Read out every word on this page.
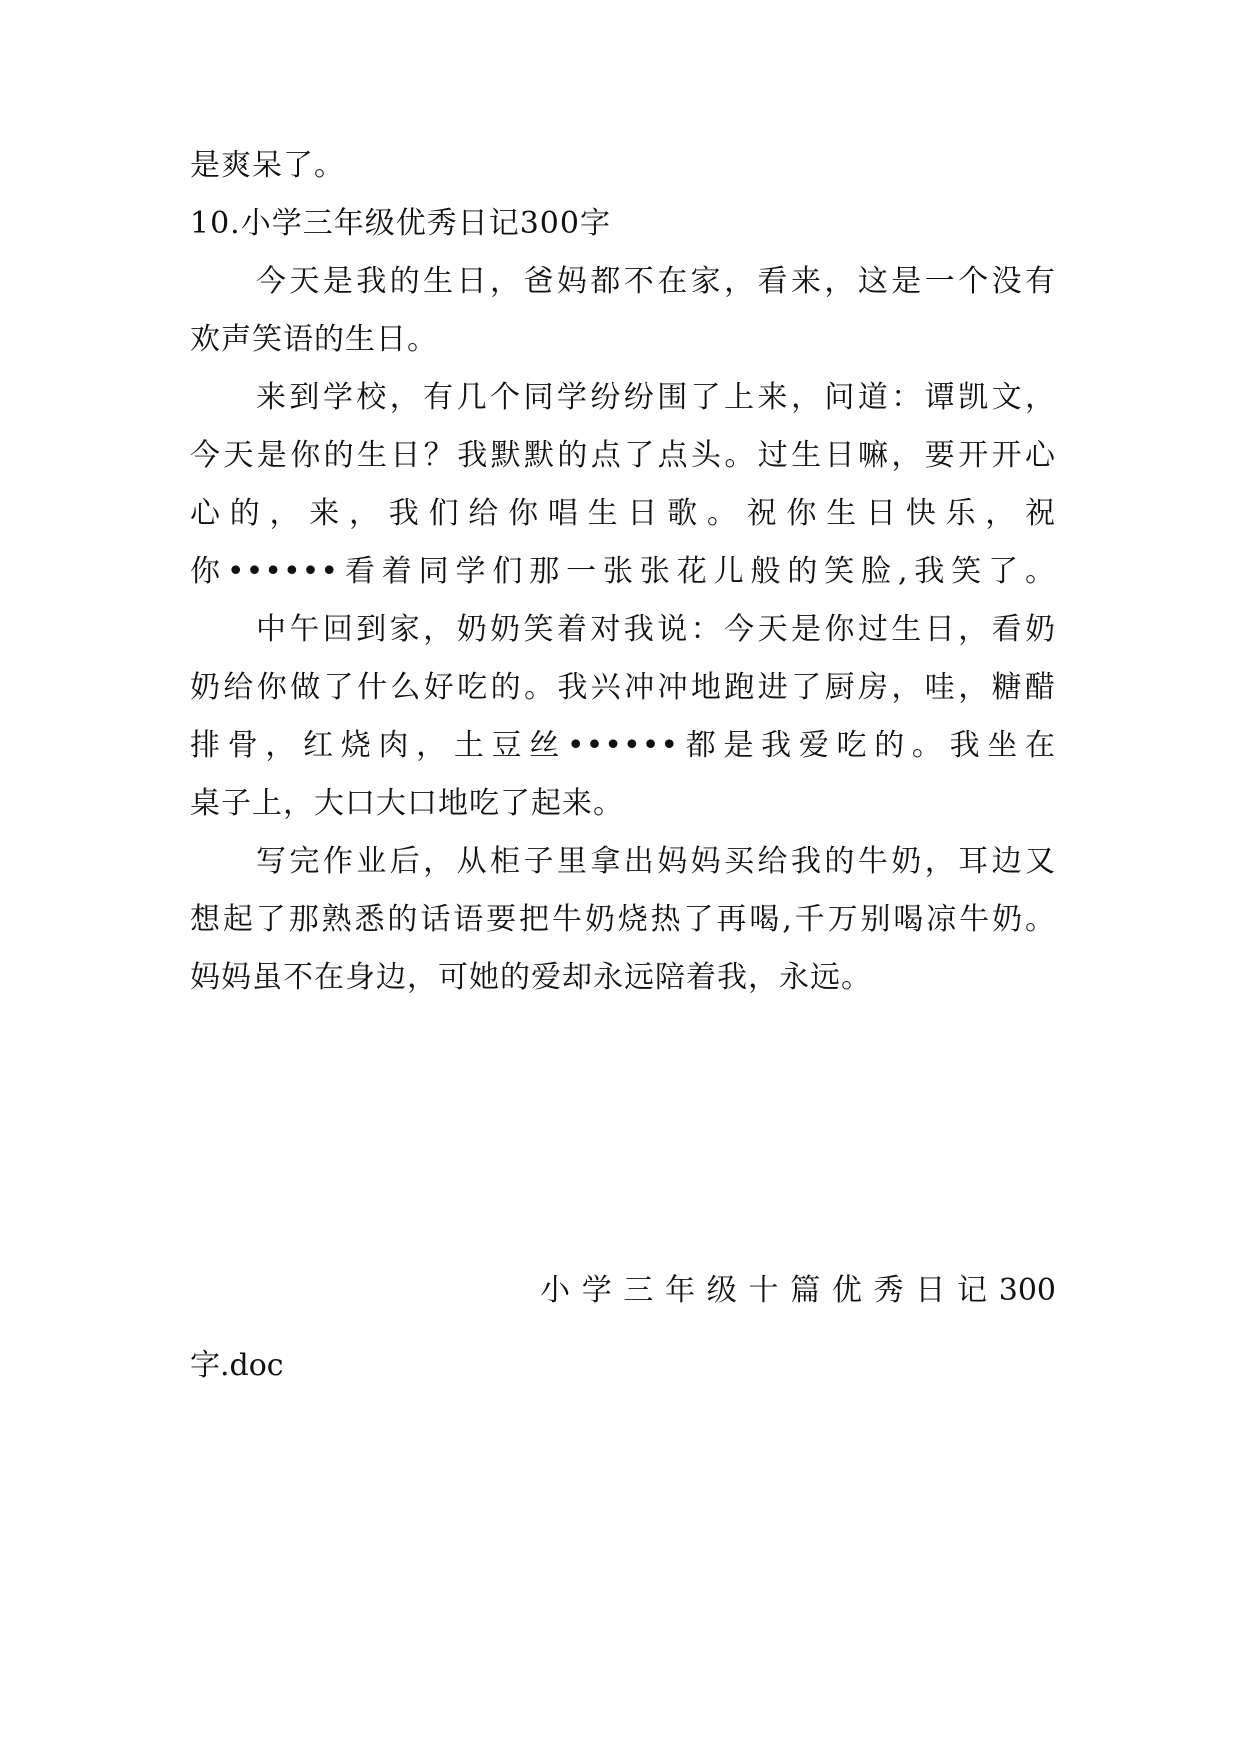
是爽呆了。
10.小学三年级优秀日记300字
今天是我的生日，爸妈都不在家，看来，这是一个没有
欢声笑语的生日。
来到学校，有几个同学纷纷围了上来，问道：谭凯文，
今天是你的生日？我默默的点了点头。过生日嘛，要开开心
心的，来，我们给你唱生日歌。祝你生日快乐，祝
你••••••看着同学们那一张张花儿般的笑脸,我笑了。
中午回到家，奶奶笑着对我说：今天是你过生日，看奶
奶给你做了什么好吃的。我兴冲冲地跑进了厨房，哇，糖醋
排骨，红烧肉，土豆丝••••••都是我爱吃的。我坐在
桌子上，大口大口地吃了起来。
写完作业后，从柜子里拿出妈妈买给我的牛奶，耳边又
想起了那熟悉的话语要把牛奶烧热了再喝,千万别喝凉牛奶。
妈妈虽不在身边，可她的爱却永远陪着我，永远。
小学三年级十篇优秀日记300
字.doc
